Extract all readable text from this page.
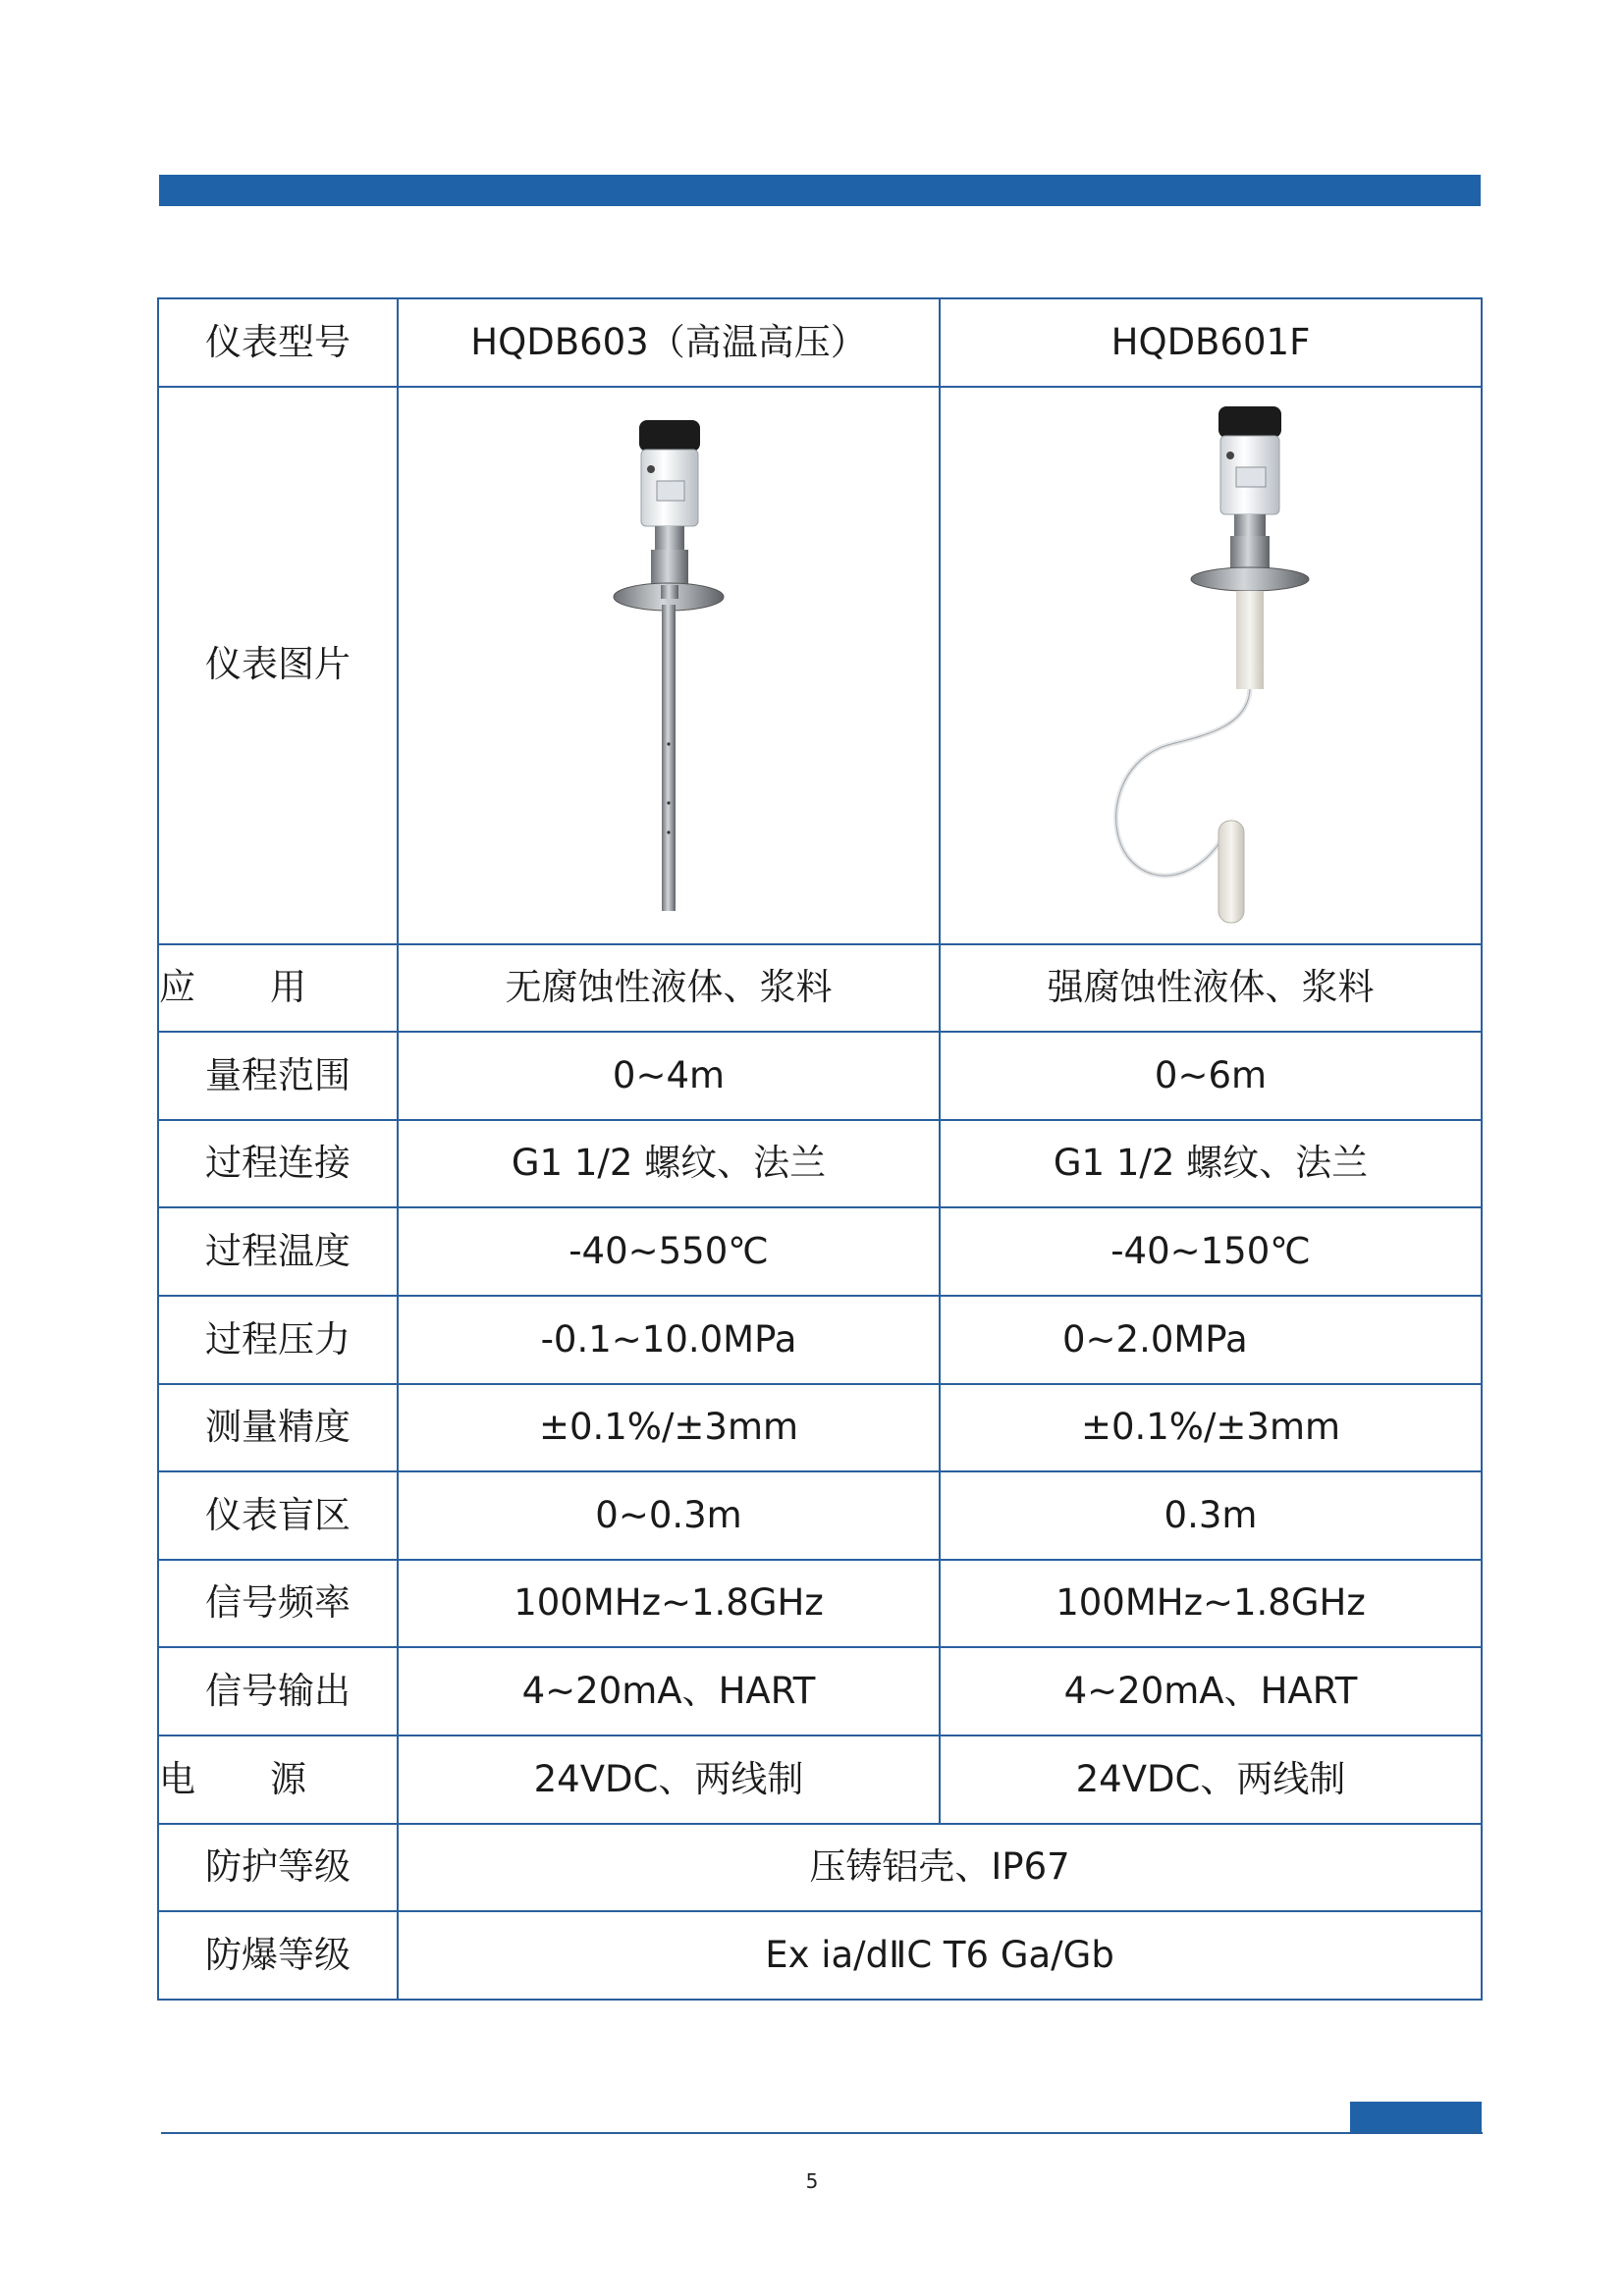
仪表型号	HQDB603（高温高压）	HQDB601F
仪表图片	

应 用	无腐蚀性液体、浆料	强腐蚀性液体、浆料
量程范围	0~4m	0~6m
过程连接	G1 1/2 螺纹、法兰	G1 1/2 螺纹、法兰
过程温度	-40~550℃	-40~150℃
过程压力	-0.1~10.0MPa	0~2.0MPa
测量精度	±0.1%/±3mm	±0.1%/±3mm
仪表盲区	0~0.3m	0.3m
信号频率	100MHz~1.8GHz	100MHz~1.8GHz
信号输出	4~20mA、HART	4~20mA、HART

电 源	24VDC、两线制	24VDC、两线制
防护等级	压铸铝壳、IP67	
防爆等级	Ex ia/dⅡC T6 Ga/Gb	
5
